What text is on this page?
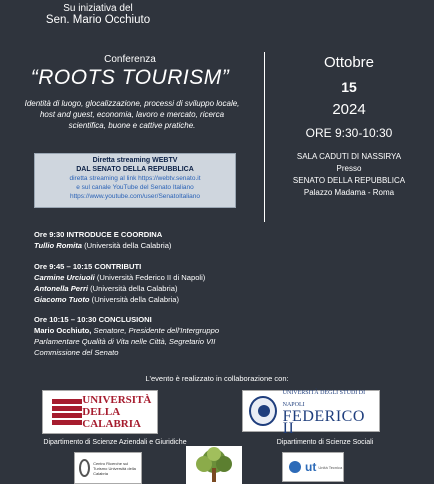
Su iniziativa del
Sen. Mario Occhiuto
Conferenza
“ROOTS TOURISM”
Identità di luogo, glocalizzazione, processi di sviluppo locale, host and guest, economia, lavoro e mercato, ricerca scientifica, buone e cattive pratiche.
Ottobre
15
2024
ORE 9:30-10:30
SALA CADUTI DI NASSIRYA
Presso
SENATO DELLA REPUBBLICA
Palazzo Madama - Roma
Diretta streaming WEBTV
DAL SENATO DELLA REPUBBLICA
diretta streaming al link https://webtv.senato.it
e sul canale YouTube del Senato Italiano
https://www.youtube.com/user/SenatoItaliano
Ore 9:30 INTRODUCE E COORDINA
Tullio Romita (Università della Calabria)
Ore 9:45 – 10:15 CONTRIBUTI
Carmine Urciuoli (Università Federico II di Napoli)
Antonella Perri (Università della Calabria)
Giacomo Tuoto (Università della Calabria)
Ore 10:15 – 10:30 CONCLUSIONI
Mario Occhiuto, Senatore, Presidente dell'Intergruppo
Parlamentare Qualità di Vita nelle Città, Segretario VII
Commissione del Senato
L'evento è realizzato in collaborazione con:
UNIVERSITÀ
DELLA CALABRIA
UNIVERSITÀ DEGLI STUDI DI NAPOLI
FEDERICO II
Dipartimento di Scienze Aziendali e Giuridiche	Dipartimento di Scienze Sociali
Centro Ricerche sul Turismo Università della Calabria	ut Unità Tecnica
